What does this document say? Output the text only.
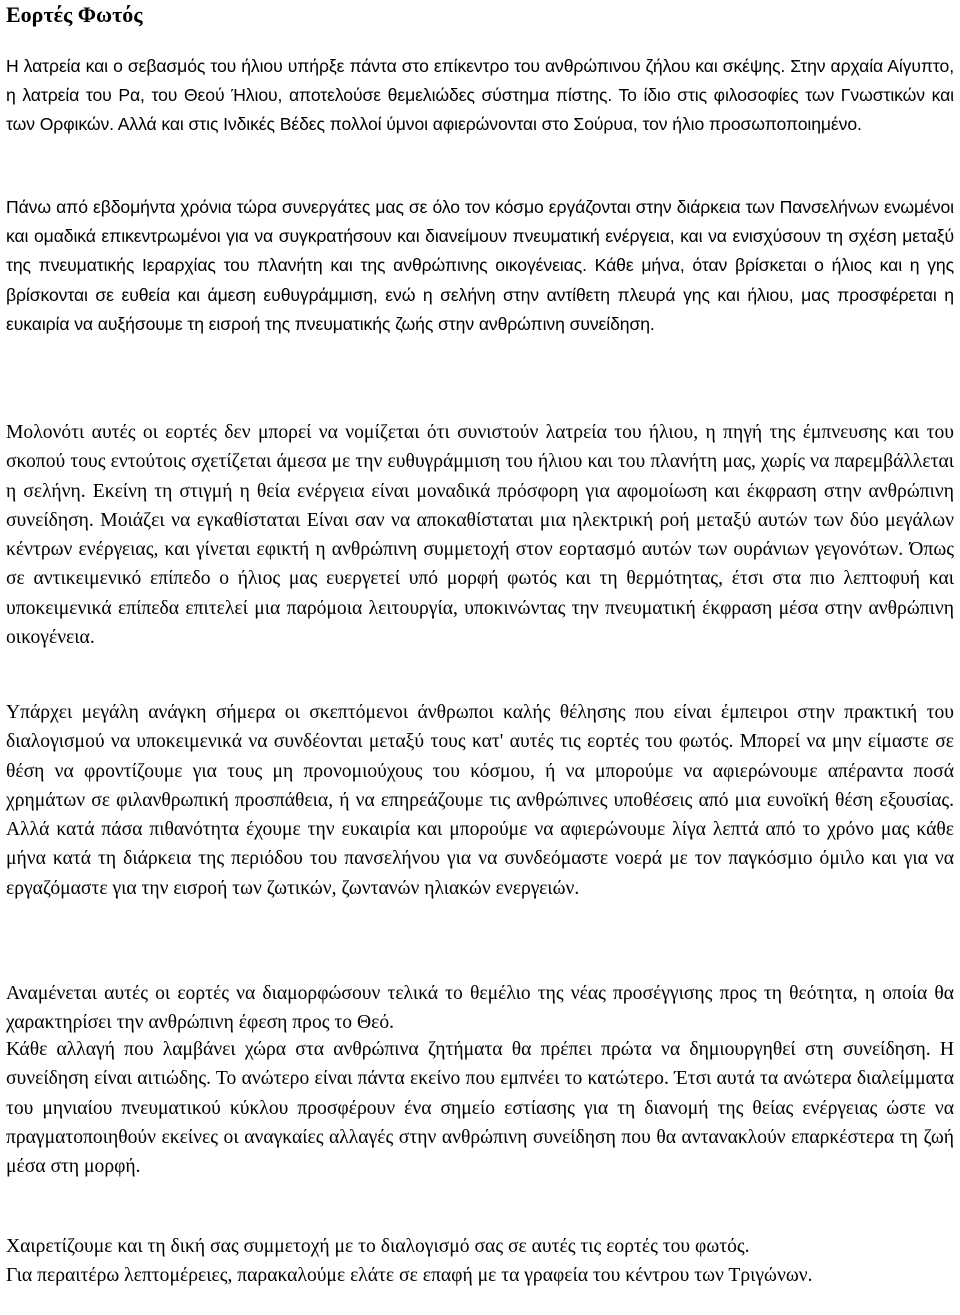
Εορτές Φωτός

Η λατρεία και ο σεβασμός του ήλιου υπήρξε πάντα στο επίκεντρο του ανθρώπινου ζήλου και σκέψης. Στην αρχαία Αίγυπτο, η λατρεία του Ρα, του Θεού Ήλιου, αποτελούσε θεμελιώδες σύστημα πίστης. Το ίδιο στις φιλοσοφίες των Γνωστικών και των Ορφικών. Αλλά και στις Ινδικές Βέδες πολλοί ύμνοι αφιερώνονται στο Σούρυα, τον ήλιο προσωποποιημένο.

Πάνω από εβδομήντα χρόνια τώρα συνεργάτες μας σε όλο τον κόσμο εργάζονται στην διάρκεια των Πανσελήνων ενωμένοι και ομαδικά επικεντρωμένοι για να συγκρατήσουν και διανείμουν πνευματική ενέργεια, και να ενισχύσουν τη σχέση μεταξύ της πνευματικής Ιεραρχίας του πλανήτη και της ανθρώπινης οικογένειας. Κάθε μήνα, όταν βρίσκεται ο ήλιος και η γης βρίσκονται σε ευθεία και άμεση ευθυγράμμιση, ενώ η σελήνη στην αντίθετη πλευρά γης και ήλιου, μας προσφέρεται η ευκαιρία να αυξήσουμε τη εισροή της πνευματικής ζωής στην ανθρώπινη συνείδηση.

Μολονότι αυτές οι εορτές δεν μπορεί να νομίζεται ότι συνιστούν λατρεία του ήλιου, η πηγή της έμπνευσης και του σκοπού τους εντούτοις σχετίζεται άμεσα με την ευθυγράμμιση του ήλιου και του πλανήτη μας, χωρίς να παρεμβάλλεται η σελήνη. Εκείνη τη στιγμή η θεία ενέργεια είναι μοναδικά πρόσφορη για αφομοίωση και έκφραση στην ανθρώπινη συνείδηση. Μοιάζει να εγκαθίσταται Είναι σαν να αποκαθίσταται μια ηλεκτρική ροή μεταξύ αυτών των δύο μεγάλων κέντρων ενέργειας, και γίνεται εφικτή η ανθρώπινη συμμετοχή στον εορτασμό αυτών των ουράνιων γεγονότων. Όπως σε αντικειμενικό επίπεδο ο ήλιος μας ευεργετεί υπό μορφή φωτός και τη θερμότητας, έτσι στα πιο λεπτοφυή και υποκειμενικά επίπεδα επιτελεί μια παρόμοια λειτουργία, υποκινώντας την πνευματική έκφραση μέσα στην ανθρώπινη οικογένεια.

Υπάρχει μεγάλη ανάγκη σήμερα οι σκεπτόμενοι άνθρωποι καλής θέλησης που είναι έμπειροι στην πρακτική του διαλογισμού να υποκειμενικά να συνδέονται μεταξύ τους κατ' αυτές τις εορτές του φωτός. Μπορεί να μην είμαστε σε θέση να φροντίζουμε για τους μη προνομιούχους του κόσμου, ή να μπορούμε να αφιερώνουμε απέραντα ποσά χρημάτων σε φιλανθρωπική προσπάθεια, ή να επηρεάζουμε τις ανθρώπινες υποθέσεις από μια ευνοϊκή θέση εξουσίας. Αλλά κατά πάσα πιθανότητα έχουμε την ευκαιρία και μπορούμε να αφιερώνουμε λίγα λεπτά από το χρόνο μας κάθε μήνα κατά τη διάρκεια της περιόδου του πανσελήνου για να συνδεόμαστε νοερά με τον παγκόσμιο όμιλο και για να εργαζόμαστε για την εισροή των ζωτικών, ζωντανών ηλιακών ενεργειών.

Αναμένεται αυτές οι εορτές να διαμορφώσουν τελικά το θεμέλιο της νέας προσέγγισης προς τη θεότητα, η οποία θα χαρακτηρίσει την ανθρώπινη έφεση προς το Θεό.

Κάθε αλλαγή που λαμβάνει χώρα στα ανθρώπινα ζητήματα θα πρέπει πρώτα να δημιουργηθεί στη συνείδηση. Η συνείδηση είναι αιτιώδης. Το ανώτερο είναι πάντα εκείνο που εμπνέει το κατώτερο. Έτσι αυτά τα ανώτερα διαλείμματα του μηνιαίου πνευματικού κύκλου προσφέρουν ένα σημείο εστίασης για τη διανομή της θείας ενέργειας ώστε να πραγματοποιηθούν εκείνες οι αναγκαίες αλλαγές στην ανθρώπινη συνείδηση που θα αντανακλούν επαρκέστερα τη ζωή μέσα στη μορφή.

Χαιρετίζουμε και τη δική σας συμμετοχή με το διαλογισμό σας σε αυτές τις εορτές του φωτός.

Για περαιτέρω λεπτομέρειες, παρακαλούμε ελάτε σε επαφή με τα γραφεία του κέντρου των Τριγώνων.
